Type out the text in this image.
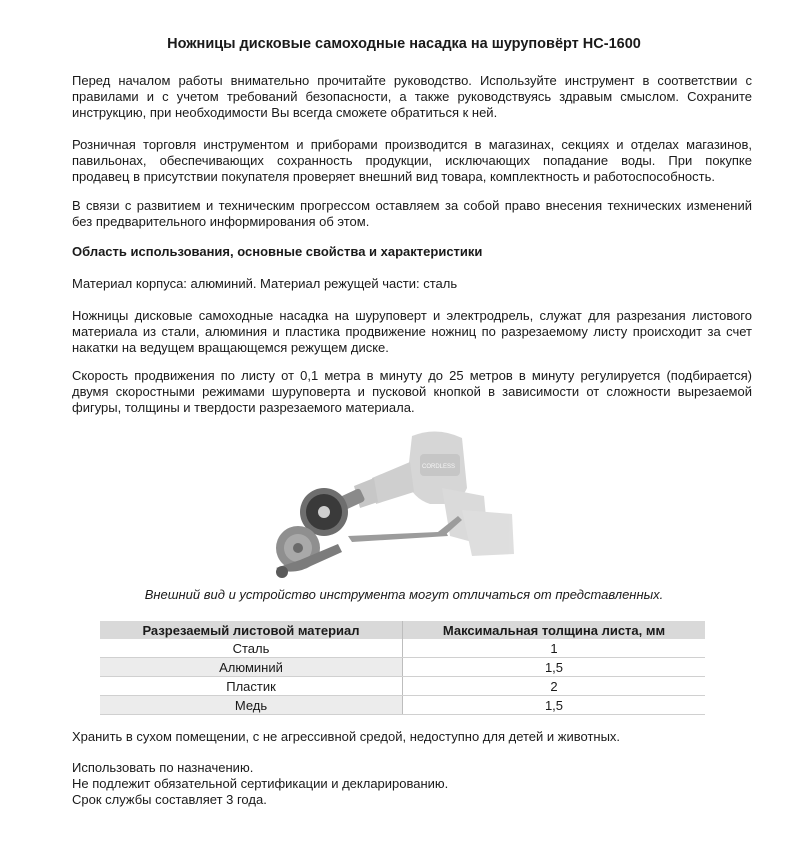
Ножницы дисковые самоходные насадка на шуруповёрт НС-1600
Перед началом работы внимательно прочитайте руководство. Используйте инструмент в соответствии с
правилами и с учетом требований безопасности, а также руководствуясь здравым смыслом. Сохраните
инструкцию, при необходимости Вы всегда сможете обратиться к ней.
Розничная торговля инструментом и приборами производится в магазинах, секциях и отделах магазинов,
павильонах, обеспечивающих сохранность продукции, исключающих попадание воды. При покупке
продавец в присутствии покупателя проверяет внешний вид товара, комплектность и работоспособность.
В связи с развитием и техническим прогрессом оставляем за собой право внесения технических изменений
без предварительного информирования об этом.
Область использования, основные свойства и характеристики
Материал корпуса: алюминий. Материал режущей части: сталь
Ножницы дисковые самоходные насадка на шуруповерт и электродрель, служат для разрезания листового
материала из стали, алюминия и пластика продвижение ножниц по разрезаемому листу происходит за счет
накатки на ведущем вращающемся режущем диске.
Скорость продвижения по листу от 0,1 метра в минуту до 25 метров в минуту регулируется (подбирается)
двумя скоростными режимами шуруповерта и пусковой кнопкой в зависимости от сложности вырезаемой
фигуры, толщины и твердости разрезаемого материала.
CORDLESS
Внешний вид и устройство инструмента могут отличаться от представленных.
Разрезаемый листовой материал	Максимальная толщина листа, мм
Сталь	1
Алюминий	1,5
Пластик	2
Медь	1,5
Хранить в сухом помещении, с не агрессивной средой, недоступно для детей и животных.
Использовать по назначению.
Не подлежит обязательной сертификации и декларированию.
Срок службы составляет 3 года.
